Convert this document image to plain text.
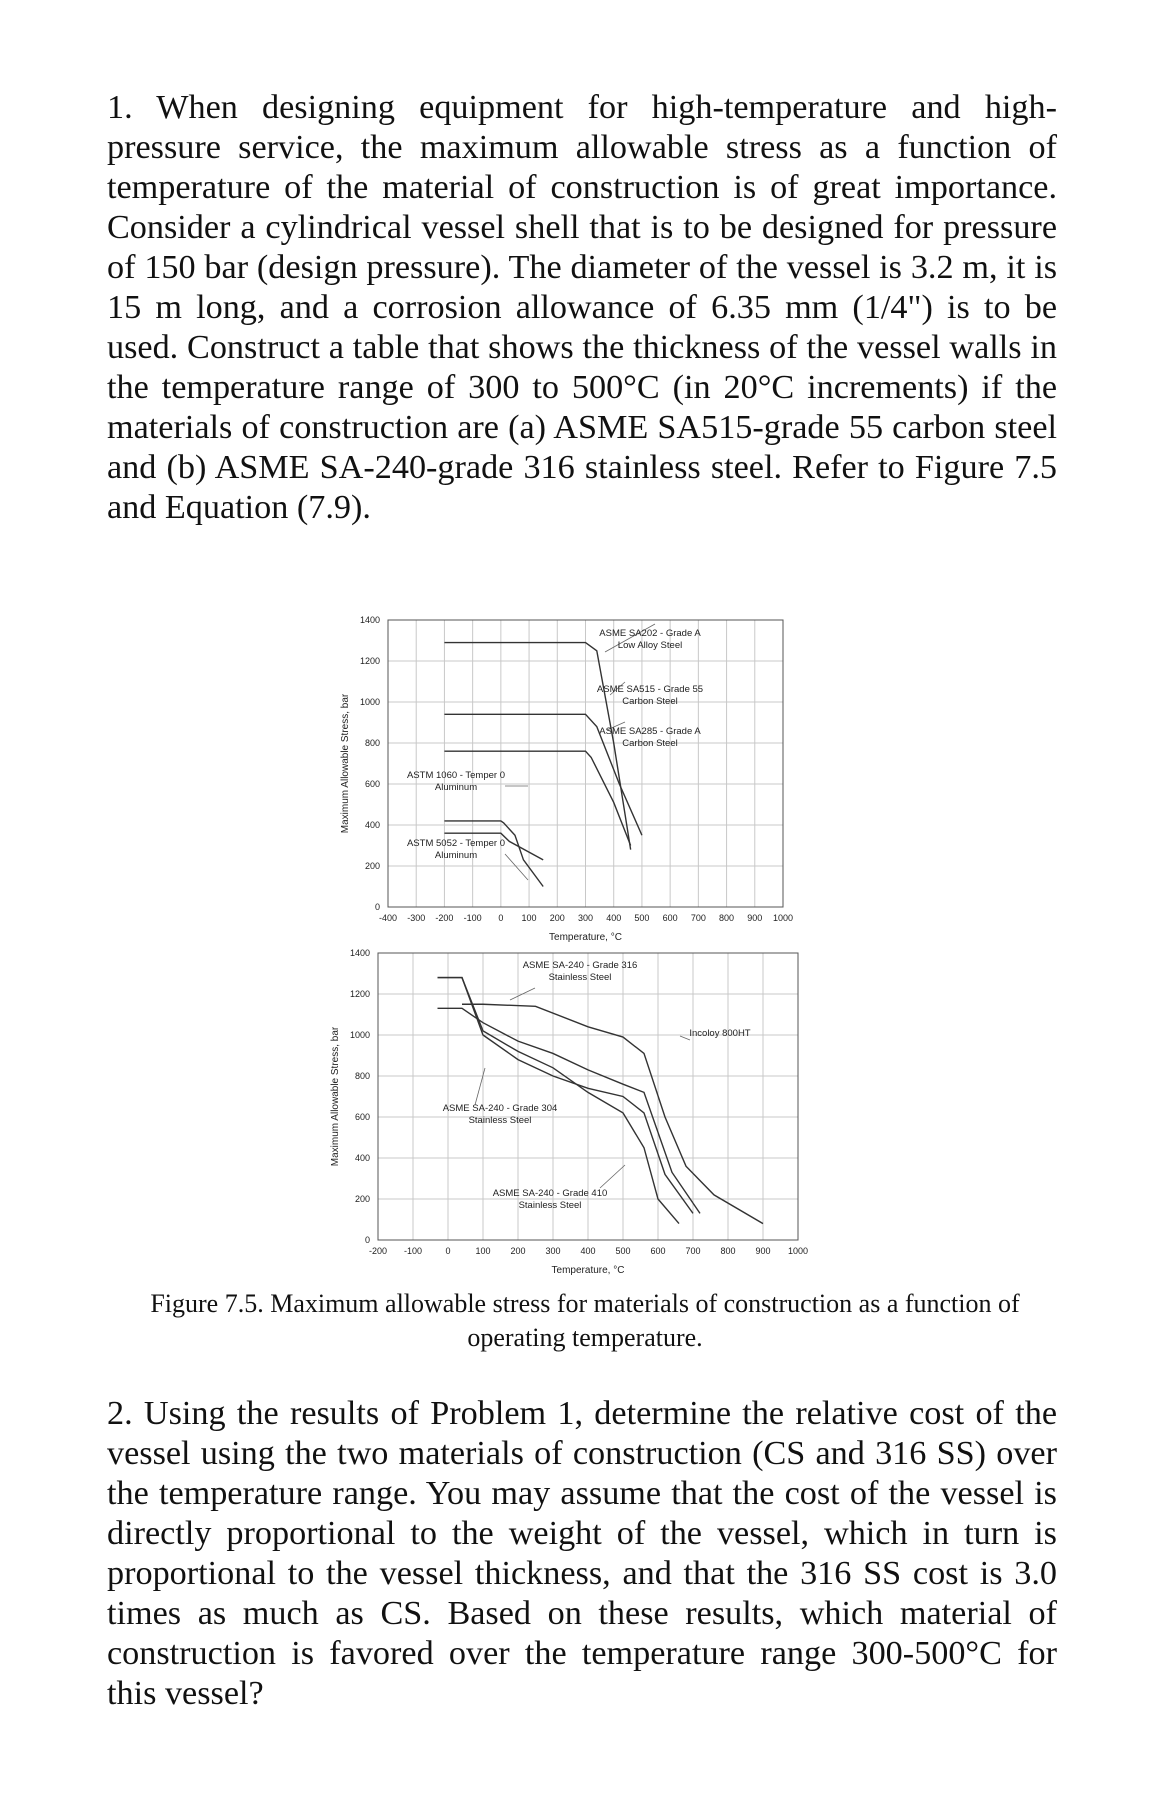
1. When designing equipment for high-temperature and high-pressure service, the maximum allowable stress as a function of temperature of the material of construction is of great importance. Consider a cylindrical vessel shell that is to be designed for pressure of 150 bar (design pressure). The diameter of the vessel is 3.2 m, it is 15 m long, and a corrosion allowance of 6.35 mm (1/4") is to be used. Construct a table that shows the thickness of the vessel walls in the temperature range of 300 to 500°C (in 20°C increments) if the materials of construction are (a) ASME SA515-grade 55 carbon steel and (b) ASME SA-240-grade 316 stainless steel. Refer to Figure 7.5 and Equation (7.9).

-400 -300 -200 -100 0 100 200 300 400 500 600 700 800 900 1000
0
200
400
600
800
1000
1200
1400
Temperature, °C
Maximum Allowable Stress, bar
ASME SA202 - Grade A
Low Alloy Steel
ASME SA515 - Grade 55
Carbon Steel
ASME SA285 - Grade A
Carbon Steel
ASTM 1060 - Temper 0
Aluminum
ASTM 5052 - Temper 0
Aluminum
-200 -100	0	100 200 300 400 500 600 700 800 900 1000
0
200
400
600
800
1000
1200
1400
Temperature, °C
Maximum Allowable Stress, bar
ASME SA-240 - Grade 316
Stainless Steel
Incoloy 800HT
ASME SA-240 - Grade 304
Stainless Steel
ASME SA-240 - Grade 410
Stainless Steel

Figure 7.5. Maximum allowable stress for materials of construction as a function of operating temperature.

2. Using the results of Problem 1, determine the relative cost of the vessel using the two materials of construction (CS and 316 SS) over the temperature range. You may assume that the cost of the vessel is directly proportional to the weight of the vessel, which in turn is proportional to the vessel thickness, and that the 316 SS cost is 3.0 times as much as CS. Based on these results, which material of construction is favored over the temperature range 300-500°C for this vessel?
